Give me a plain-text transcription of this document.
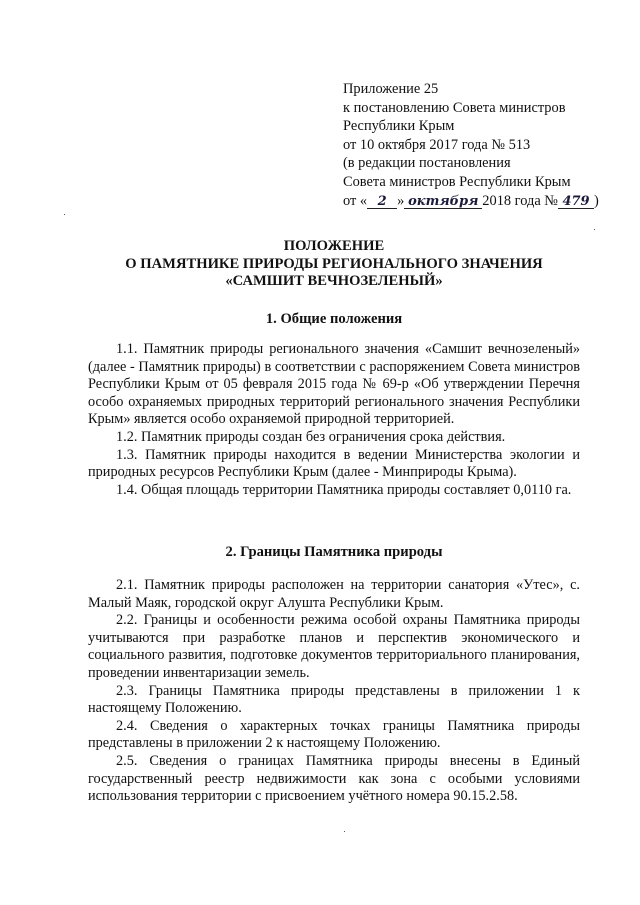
Приложение 25
к постановлению Совета министров
Республики Крым
от 10 октября 2017 года № 513
(в редакции постановления
Совета министров Республики Крым
от « 2 » октября 2018 года № 479 )
ПОЛОЖЕНИЕ
О ПАМЯТНИКЕ ПРИРОДЫ РЕГИОНАЛЬНОГО ЗНАЧЕНИЯ
«САМШИТ ВЕЧНОЗЕЛЕНЫЙ»
1. Общие положения

1.1. Памятник природы регионального значения «Самшит вечнозеленый» (далее - Памятник природы) в соответствии с распоряжением Совета министров Республики Крым от 05 февраля 2015 года № 69-р «Об утверждении Перечня особо охраняемых природных территорий регионального значения Республики Крым» является особо охраняемой природной территорией.

1.2. Памятник природы создан без ограничения срока действия.

1.3. Памятник природы находится в ведении Министерства экологии и природных ресурсов Республики Крым (далее - Минприроды Крыма).

1.4. Общая площадь территории Памятника природы составляет 0,0110 га.

2. Границы Памятника природы

2.1. Памятник природы расположен на территории санатория «Утес», с. Малый Маяк, городской округ Алушта Республики Крым.

2.2. Границы и особенности режима особой охраны Памятника природы учитываются при разработке планов и перспектив экономического и социального развития, подготовке документов территориального планирования, проведении инвентаризации земель.

2.3. Границы Памятника природы представлены в приложении 1 к настоящему Положению.

2.4. Сведения о характерных точках границы Памятника природы представлены в приложении 2 к настоящему Положению.

2.5. Сведения о границах Памятника природы внесены в Единый государственный реестр недвижимости как зона с особыми условиями использования территории с присвоением учётного номера 90.15.2.58.
